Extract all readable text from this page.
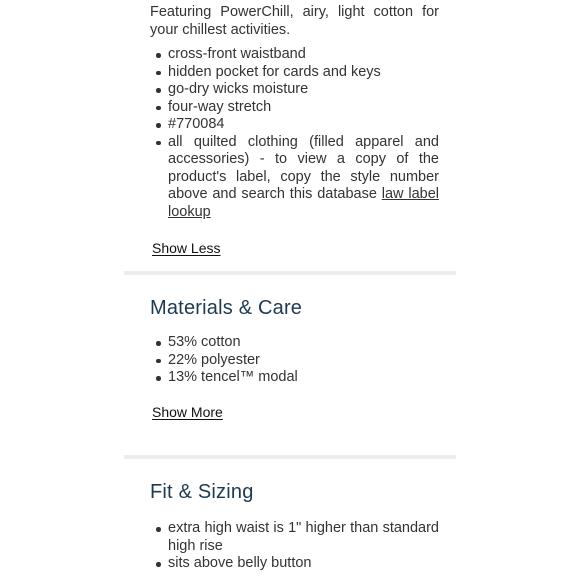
Featuring PowerChill, airy, light cotton for your chillest activities.

cross-front waistband
hidden pocket for cards and keys
go-dry wicks moisture
four-way stretch
#770084
all quilted clothing (filled apparel and accessories) - to view a copy of the product's label, copy the style number above and search this database law label lookup
Show Less
Materials & Care
53% cotton
22% polyester
13% tencel™ modal
Show More
Fit & Sizing
extra high waist is 1" higher than standard high rise
sits above belly button
